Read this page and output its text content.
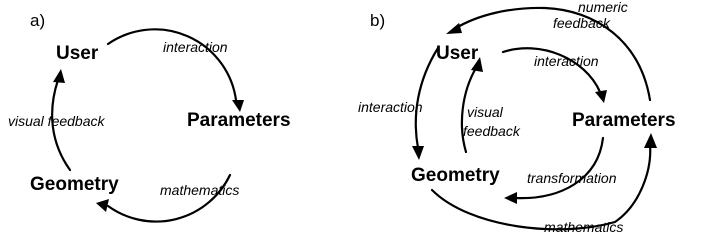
a)
User
Parameters
Geometry
interaction
mathematics
visual feedback
b)
User
Parameters
Geometry
numeric
feedback
interaction
interaction	visual
feedback
transformation
mathematics
